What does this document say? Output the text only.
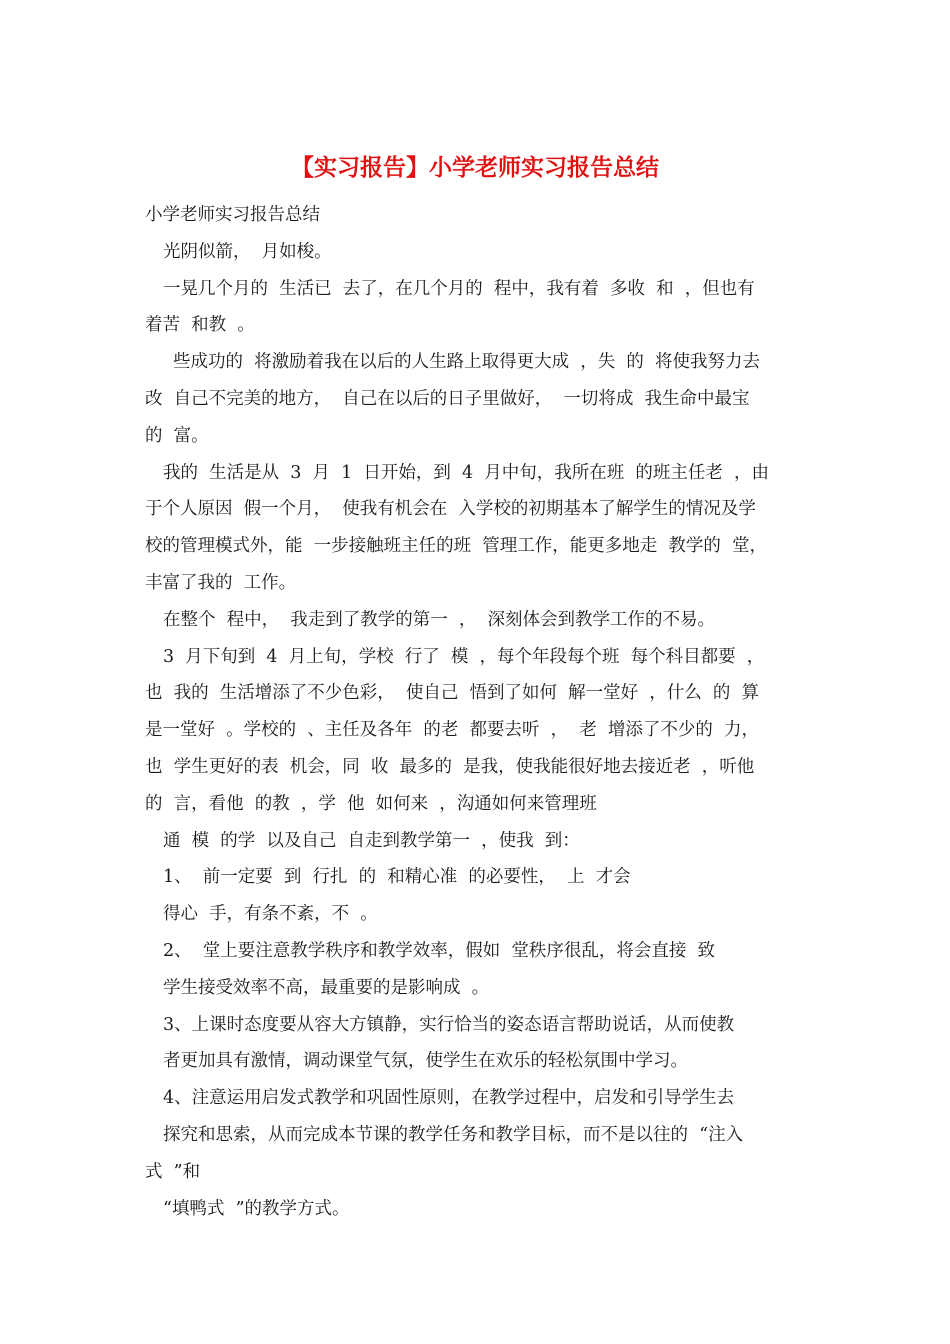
【实习报告】小学老师实习报告总结
小学老师实习报告总结
光阴似箭，  月如梭。
一晃几个月的  生活已  去了，在几个月的  程中，我有着  多收  和  ，但也有
着苦  和教  。
些成功的  将激励着我在以后的人生路上取得更大成  ，失  的  将使我努力去
改  自己不完美的地方，  自己在以后的日子里做好，  一切将成  我生命中最宝
的  富。
我的  生活是从  3  月  1  日开始，到  4  月中旬，我所在班  的班主任老  ，由
于个人原因  假一个月，  使我有机会在  入学校的初期基本了解学生的情况及学
校的管理模式外，能  一步接触班主任的班  管理工作，能更多地走  教学的  堂，
丰富了我的  工作。
在整个  程中，  我走到了教学的第一  ，  深刻体会到教学工作的不易。
3  月下旬到  4  月上旬，学校  行了  模  ，每个年段每个班  每个科目都要  ，
也  我的  生活增添了不少色彩，  使自己  悟到了如何  解一堂好  ，什么  的  算
是一堂好  。学校的  、主任及各年  的老  都要去听  ，  老  增添了不少的  力，
也  学生更好的表  机会，同  收  最多的  是我，使我能很好地去接近老  ，听他
的  言，看他  的教  ，学  他  如何来  ，沟通如何来管理班
通  模  的学  以及自己  自走到教学第一  ，使我  到：
1、  前一定要  到  行扎  的  和精心准  的必要性，  上  才会
得心  手，有条不紊，不  。
2、  堂上要注意教学秩序和教学效率，假如  堂秩序很乱，将会直接  致
学生接受效率不高，最重要的是影响成  。
3、上课时态度要从容大方镇静，实行恰当的姿态语言帮助说话，从而使教
者更加具有激情，调动课堂气氛，使学生在欢乐的轻松氛围中学习。
4、注意运用启发式教学和巩固性原则，在教学过程中，启发和引导学生去
探究和思索，从而完成本节课的教学任务和教学目标，而不是以往的  “注入
式  ”和
“填鸭式  ”的教学方式。
